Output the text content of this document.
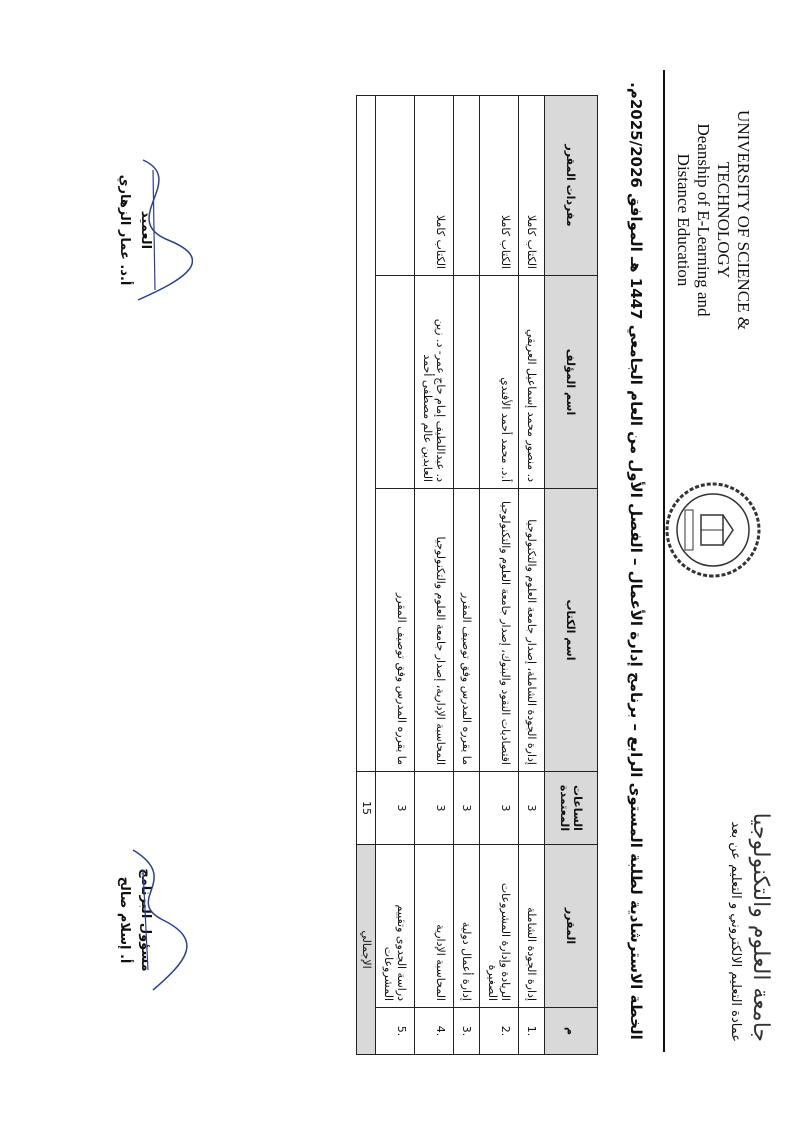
UNIVERSITY OF SCIENCE & TECHNOLOGY
Deanship of E-Learning and
Distance Education
جامعة العلوم والتكنولوجيا
عمادة التعليم الالكتروني و التعليم عن بعد
الخطة الاسترشادية لطلبة المستوى الرابع – برنامج إدارة الأعمال – الفصل الأول من العام الجامعي 1447 هـ الموافق 2025/2026م.
م	المقرر	الساعات المعتمدة	اسم الكتاب	اسم المؤلف	مفردات المقرر
.1	إدارة الجودة الشاملة	3	إدارة الجودة الشاملة، إصدار جامعة العلوم والتكنولوجيا	د. منصور محمد إسماعيل العريقي	الكتاب كاملا
.2	الريادة وإدارة المشروعات الصغيرة	3	اقتصاديات النقود والبنوك، إصدار جامعة العلوم والتكنولوجيا	أ.د. محمد أحمد الأفندي	الكتاب كاملا
.3	إدارة أعمال دولية	3	ما يقرره المدرس وفق توصيف المقرر		
.4	المحاسبة الإدارية	3	المحاسبة الإدارية، إصدار جامعة العلوم والتكنولوجيا	د. عبداللطيف إمام حاج عمر- د. زين العابدين عالم مصطفى أحمد	الكتاب كاملا
.5	دراسة الجدوى وتقييم المشروعات	3	ما يقرره المدرس وفق توصيف المقرر		
الإجمالي		15			
مسؤول البرنامج
أ. إسلام صالح
العميد
أ.د. عمار الزهاري
